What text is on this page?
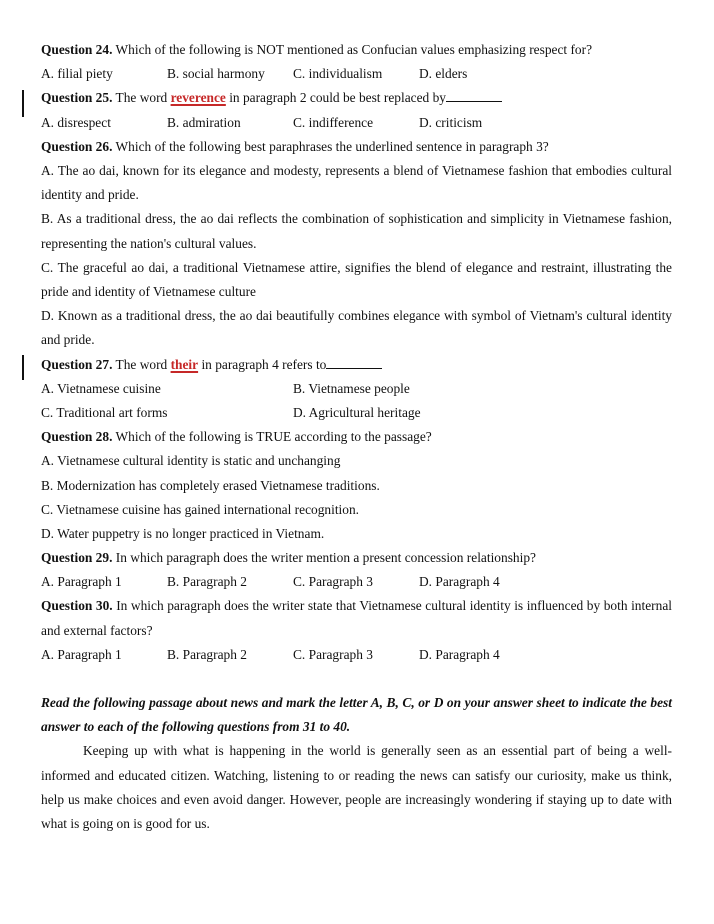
Question 24. Which of the following is NOT mentioned as Confucian values emphasizing respect for?
A. filial piety	B. social harmony	C. individualism	D. elders
Question 25. The word reverence in paragraph 2 could be best replaced by
A. disrespect	B. admiration	C. indifference	D. criticism
Question 26. Which of the following best paraphrases the underlined sentence in paragraph 3?
A. The ao dai, known for its elegance and modesty, represents a blend of Vietnamese fashion that embodies cultural identity and pride.
B. As a traditional dress, the ao dai reflects the combination of sophistication and simplicity in Vietnamese fashion, representing the nation's cultural values.
C. The graceful ao dai, a traditional Vietnamese attire, signifies the blend of elegance and restraint, illustrating the pride and identity of Vietnamese culture
D. Known as a traditional dress, the ao dai beautifully combines elegance with symbol of Vietnam's cultural identity and pride.
Question 27. The word their in paragraph 4 refers to
A. Vietnamese cuisine	B. Vietnamese people
C. Traditional art forms	D. Agricultural heritage
Question 28. Which of the following is TRUE according to the passage?
A. Vietnamese cultural identity is static and unchanging
B. Modernization has completely erased Vietnamese traditions.
C. Vietnamese cuisine has gained international recognition.
D. Water puppetry is no longer practiced in Vietnam.
Question 29. In which paragraph does the writer mention a present concession relationship?
A. Paragraph 1	B. Paragraph 2	C. Paragraph 3	D. Paragraph 4
Question 30. In which paragraph does the writer state that Vietnamese cultural identity is influenced by both internal and external factors?
A. Paragraph 1	B. Paragraph 2	C. Paragraph 3	D. Paragraph 4
Read the following passage about news and mark the letter A, B, C, or D on your answer sheet to indicate the best answer to each of the following questions from 31 to 40.
Keeping up with what is happening in the world is generally seen as an essential part of being a well-informed and educated citizen. Watching, listening to or reading the news can satisfy our curiosity, make us think, help us make choices and even avoid danger. However, people are increasingly wondering if staying up to date with what is going on is good for us.
